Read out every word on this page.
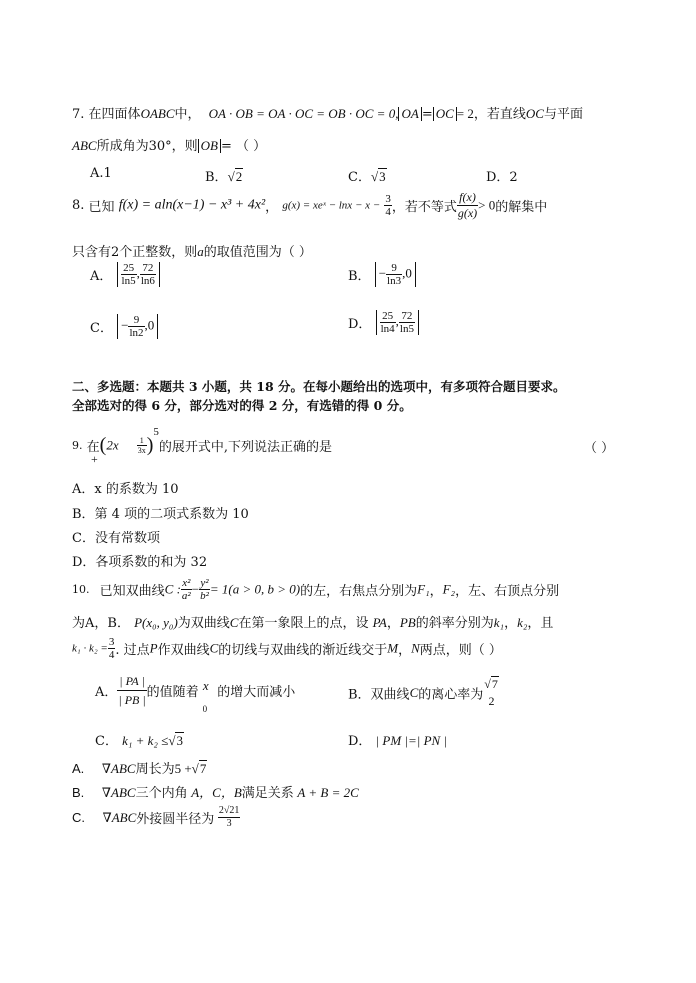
7. 在四面体OABC中， OA · OB = OA · OC = OB · OC = 0, OA = OC = 2，若直线OC与平面
ABC所成角为30°，则 OB = （ ）
A.1	B．√2	C．√3	D．2
8. 已知 f(x) = aln(x−1) − x³ + 4x²， g(x) = xeˣ − $\ln x - x - \frac{3}{4}$ ，若不等式 $\frac{f(x)}{g(x)} > 0$的解集中
只含有2个正整数，则a的取值范围为（ ）
A． $\frac{25}{\ln 5}$ , $\frac{72}{\ln 6}$	B． − $\frac{9}{\ln 3} ,0$
C． − $\frac{9}{\ln 2} ,0$	D． $\frac{25}{\ln 4}$ , $\frac{72}{\ln 5}$
二、多选题：本题共 3 小题，共 18 分。在每小题给出的选项中，有多项符合题目要求。
全部选对的得 6 分，部分选对的得 2 分，有选错的得 0 分。
9. 在$(2x \frac{1}{3x} )^5$的展开式中,下列说法正确的是
+
（ ）
A．x 的系数为 10
B．第 4 项的二项式系数为 10
C．没有常数项
D．各项系数的和为 32
10. 已知双曲线C : $\frac{\text{x²}}{\text{a²}} - \frac{\text{y²}}{\text{b²}} = 1(a > 0$, b > 0)的左，右焦点分别为F₁，F₂，左、右顶点分别
为A，B． P(x₀, y₀)为双曲线C在第一象限上的点，设 PA，PB的斜率分别为k₁，k₂，且
$k_1 \cdot k_2 = \frac{3}{4}$ . 过点P作双曲线C的切线与双曲线的渐近线交于M，N两点，则（ ）
A． $\frac{| PA |}{| PB |}$ 的值随着 $x_0$ 的增大而减小	B．双曲线C的离心率为
√7
2
C． k₁ + k₂ ≤√3	D． | PM |=| PN |
A. ∇ABC周长为5 +√7
B. ∇ABC三个内角 A，C，B满足关系 A + B = 2C
C. ∇ABC外接圆半径为 $\frac{2√21}{3}$
